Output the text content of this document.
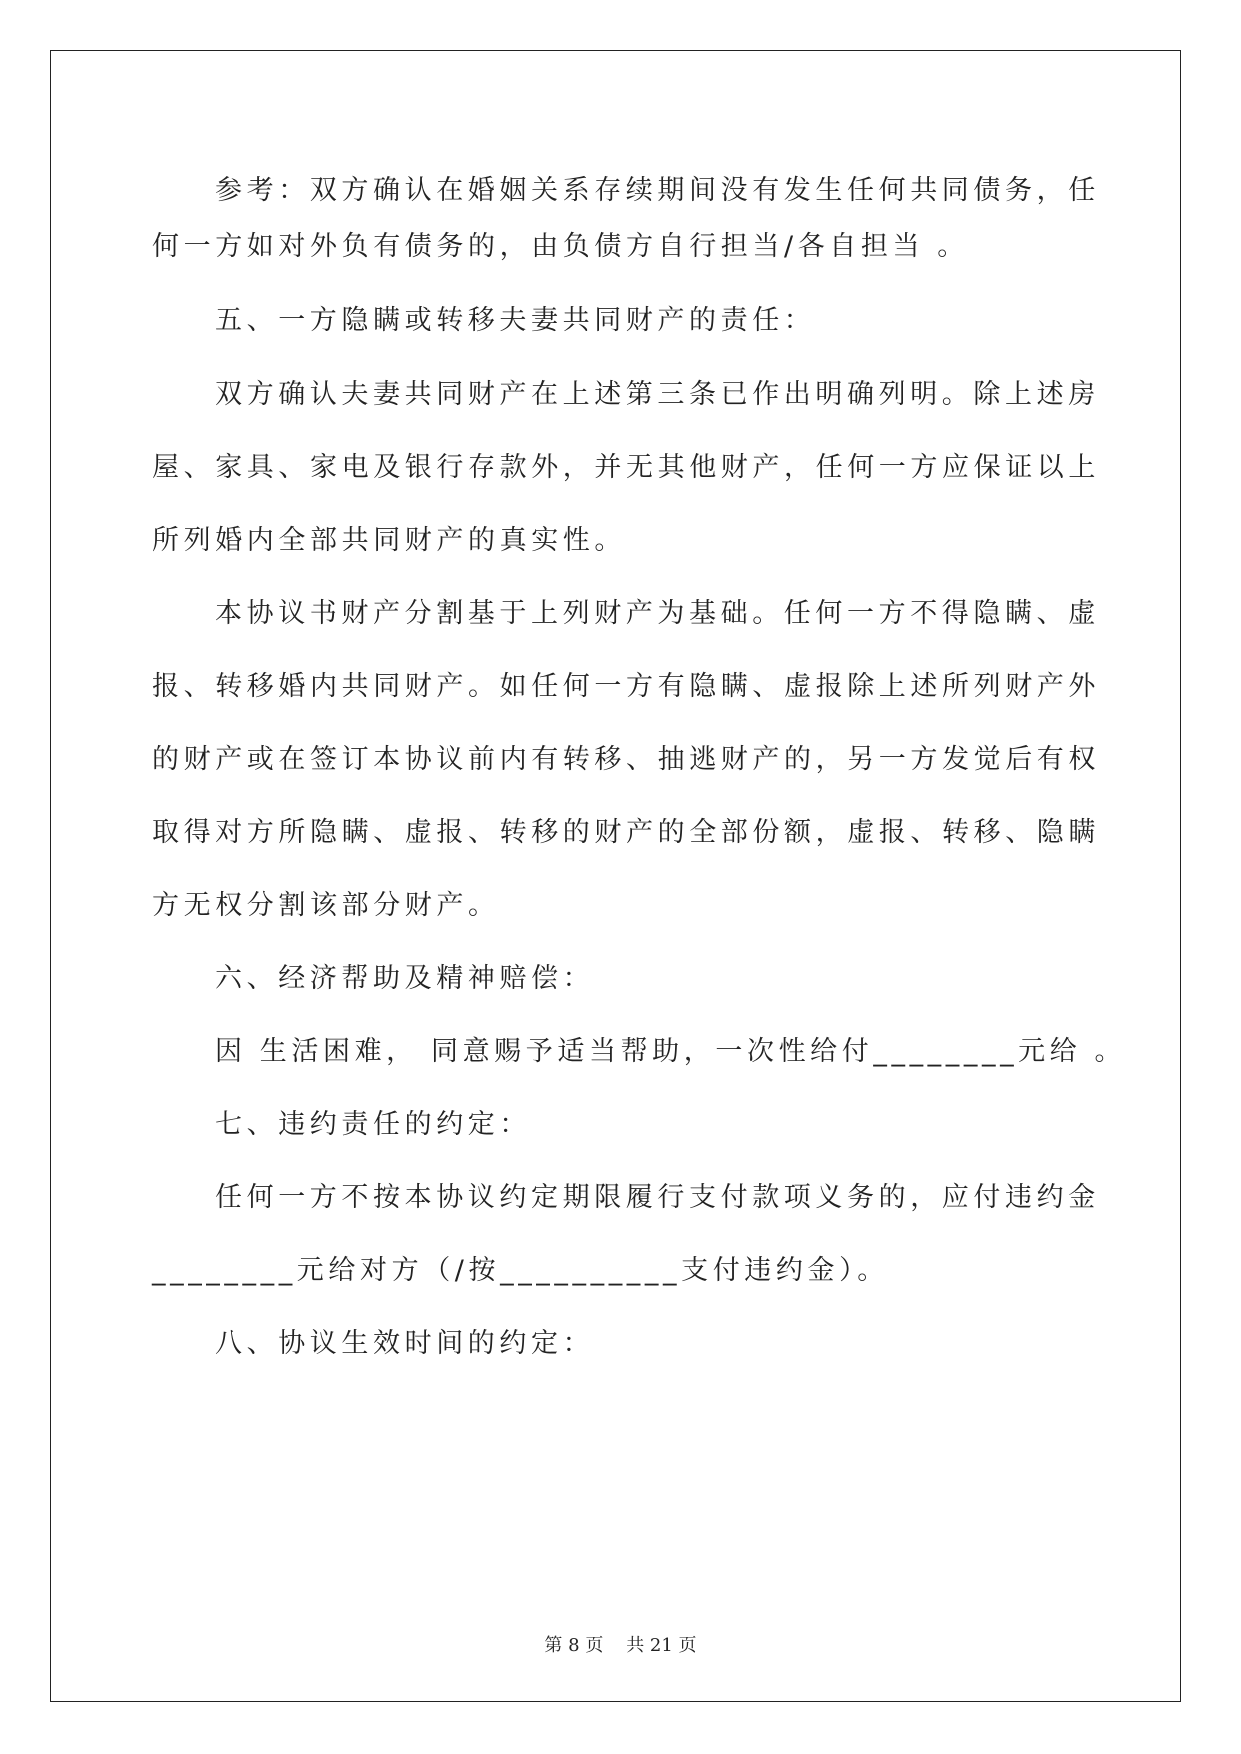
参考：双方确认在婚姻关系存续期间没有发生任何共同债务，任
何一方如对外负有债务的，由负债方自行担当/各自担当 。
五、一方隐瞒或转移夫妻共同财产的责任：
双方确认夫妻共同财产在上述第三条已作出明确列明。除上述房
屋、家具、家电及银行存款外，并无其他财产，任何一方应保证以上
所列婚内全部共同财产的真实性。
本协议书财产分割基于上列财产为基础。任何一方不得隐瞒、虚
报、转移婚内共同财产。如任何一方有隐瞒、虚报除上述所列财产外
的财产或在签订本协议前内有转移、抽逃财产的，另一方发觉后有权
取得对方所隐瞒、虚报、转移的财产的全部份额，虚报、转移、隐瞒
方无权分割该部分财产。
六、经济帮助及精神赔偿：
因 生活困难， 同意赐予适当帮助，一次性给付________元给 。
七、违约责任的约定：
任何一方不按本协议约定期限履行支付款项义务的，应付违约金
________元给对方（/按__________支付违约金）。
八、协议生效时间的约定：
第 8 页    共 21 页
